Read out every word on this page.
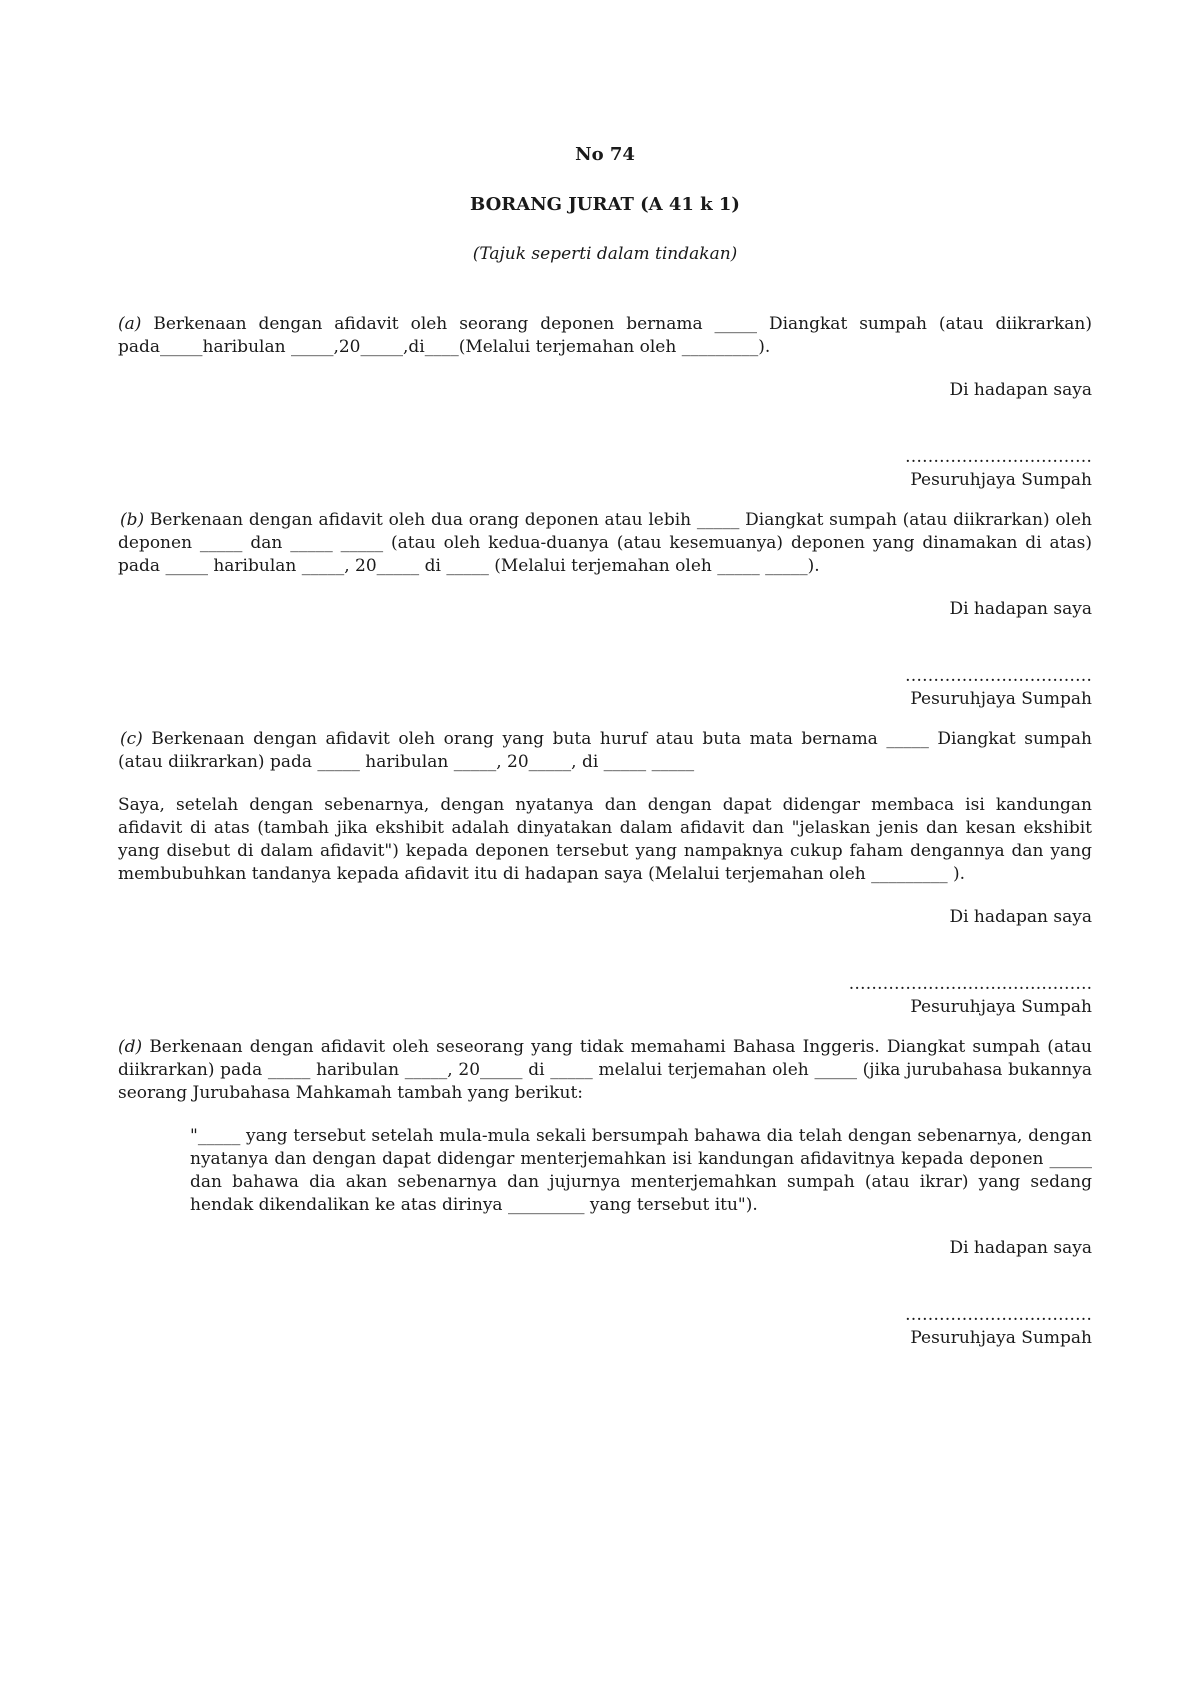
No 74

BORANG JURAT (A 41 k 1)

(Tajuk seperti dalam tindakan)

(a) Berkenaan dengan afidavit oleh seorang deponen bernama _____ Diangkat sumpah (atau diikrarkan) pada_____haribulan _____,20_____,di____(Melalui terjemahan oleh _________).

Di hadapan saya

……………………………

Pesuruhjaya Sumpah

(b) Berkenaan dengan afidavit oleh dua orang deponen atau lebih _____ Diangkat sumpah (atau diikrarkan) oleh deponen _____ dan _____ _____ (atau oleh kedua-duanya (atau kesemuanya) deponen yang dinamakan di atas) pada _____ haribulan _____, 20_____ di _____ (Melalui terjemahan oleh _____ _____).

Di hadapan saya

……………………………

Pesuruhjaya Sumpah

(c) Berkenaan dengan afidavit oleh orang yang buta huruf atau buta mata bernama _____ Diangkat sumpah (atau diikrarkan) pada _____ haribulan _____, 20_____, di _____ _____

Saya, setelah dengan sebenarnya, dengan nyatanya dan dengan dapat didengar membaca isi kandungan afidavit di atas (tambah jika ekshibit adalah dinyatakan dalam afidavit dan "jelaskan jenis dan kesan ekshibit yang disebut di dalam afidavit") kepada deponen tersebut yang nampaknya cukup faham dengannya dan yang membubuhkan tandanya kepada afidavit itu di hadapan saya (Melalui terjemahan oleh _________ ).

Di hadapan saya

…………………………………….

Pesuruhjaya Sumpah

(d) Berkenaan dengan afidavit oleh seseorang yang tidak memahami Bahasa Inggeris. Diangkat sumpah (atau diikrarkan) pada _____ haribulan _____, 20_____ di _____ melalui terjemahan oleh _____ (jika jurubahasa bukannya seorang Jurubahasa Mahkamah tambah yang berikut:

"_____ yang tersebut setelah mula-mula sekali bersumpah bahawa dia telah dengan sebenarnya, dengan nyatanya dan dengan dapat didengar menterjemahkan isi kandungan afidavitnya kepada deponen _____ dan bahawa dia akan sebenarnya dan jujurnya menterjemahkan sumpah (atau ikrar) yang sedang hendak dikendalikan ke atas dirinya _________ yang tersebut itu").

Di hadapan saya

……………………………

Pesuruhjaya Sumpah
